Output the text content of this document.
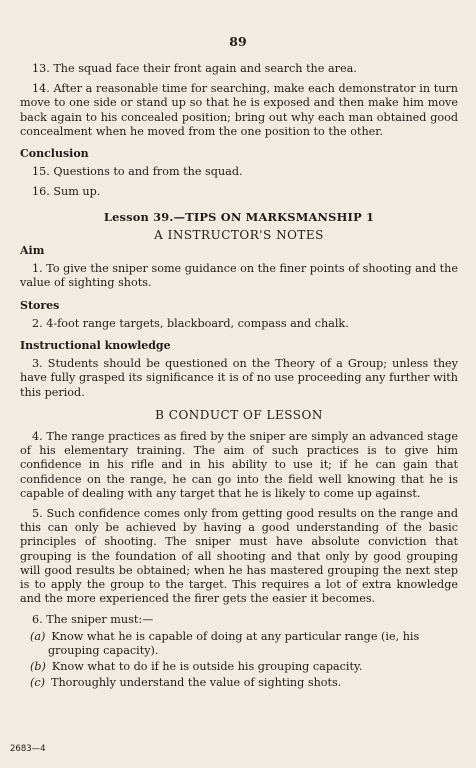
89

13. The squad face their front again and search the area.

14. After a reasonable time for searching, make each demonstrator in turn move to one side or stand up so that he is exposed and then make him move back again to his concealed position; bring out why each man obtained good concealment when he moved from the one position to the other.

Conclusion

15. Questions to and from the squad.

16. Sum up.

Lesson 39.—TIPS ON MARKSMANSHIP 1
A INSTRUCTOR'S NOTES
Aim

1. To give the sniper some guidance on the finer points of shooting and the value of sighting shots.

Stores

2. 4-foot range targets, blackboard, compass and chalk.

Instructional knowledge

3. Students should be questioned on the Theory of a Group; unless they have fully grasped its significance it is of no use proceeding any further with this period.

B CONDUCT OF LESSON

4. The range practices as fired by the sniper are simply an advanced stage of his elementary training. The aim of such practices is to give him confidence in his rifle and in his ability to use it; if he can gain that confidence on the range, he can go into the field well knowing that he is capable of dealing with any target that he is likely to come up against.

5. Such confidence comes only from getting good results on the range and this can only be achieved by having a good understanding of the basic principles of shooting. The sniper must have absolute conviction that grouping is the foundation of all shooting and that only by good grouping will good results be obtained; when he has mastered grouping the next step is to apply the group to the target. This requires a lot of extra knowledge and the more experienced the firer gets the easier it becomes.

6. The sniper must:—

(a) Know what he is capable of doing at any particular range (ie, his grouping capacity).
(b) Know what to do if he is outside his grouping capacity.
(c) Thoroughly understand the value of sighting shots.
2683—4
